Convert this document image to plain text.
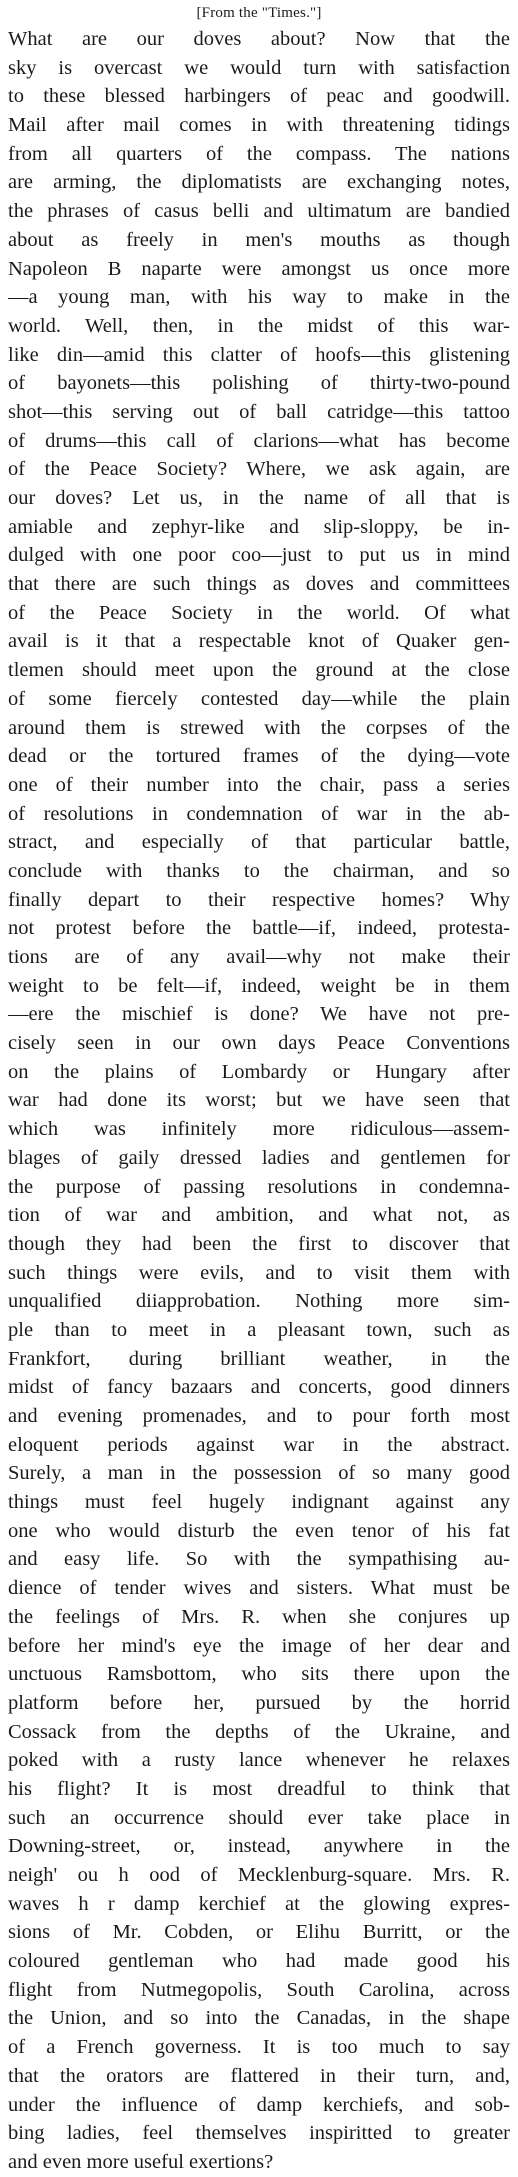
[From the "Times."]
What are our doves about? Now that the
sky is overcast we would turn with satisfaction
to these blessed harbingers of peac and goodwill.
Mail after mail comes in with threatening tidings
from all quarters of the compass. The nations
are arming, the diplomatists are exchanging notes,
the phrases of casus belli and ultimatum are bandied
about as freely in men's mouths as though
Napoleon B naparte were amongst us once more
—a young man, with his way to make in the
world. Well, then, in the midst of this war-
like din—amid this clatter of hoofs—this glistening
of bayonets—this polishing of thirty-two-pound
shot—this serving out of ball catridge—this tattoo
of drums—this call of clarions—what has become
of the Peace Society? Where, we ask again, are
our doves? Let us, in the name of all that is
amiable and zephyr-like and slip-sloppy, be in-
dulged with one poor coo—just to put us in mind
that there are such things as doves and committees
of the Peace Society in the world. Of what
avail is it that a respectable knot of Quaker gen-
tlemen should meet upon the ground at the close
of some fiercely contested day—while the plain
around them is strewed with the corpses of the
dead or the tortured frames of the dying—vote
one of their number into the chair, pass a series
of resolutions in condemnation of war in the ab-
stract, and especially of that particular battle,
conclude with thanks to the chairman, and so
finally depart to their respective homes? Why
not protest before the battle—if, indeed, protesta-
tions are of any avail—why not make their
weight to be felt—if, indeed, weight be in them
—ere the mischief is done? We have not pre-
cisely seen in our own days Peace Conventions
on the plains of Lombardy or Hungary after
war had done its worst; but we have seen that
which was infinitely more ridiculous—assem-
blages of gaily dressed ladies and gentlemen for
the purpose of passing resolutions in condemna-
tion of war and ambition, and what not, as
though they had been the first to discover that
such things were evils, and to visit them with
unqualified diiapprobation. Nothing more sim-
ple than to meet in a pleasant town, such as
Frankfort, during brilliant weather, in the
midst of fancy bazaars and concerts, good dinners
and evening promenades, and to pour forth most
eloquent periods against war in the abstract.
Surely, a man in the possession of so many good
things must feel hugely indignant against any
one who would disturb the even tenor of his fat
and easy life. So with the sympathising au-
dience of tender wives and sisters. What must be
the feelings of Mrs. R. when she conjures up
before her mind's eye the image of her dear and
unctuous Ramsbottom, who sits there upon the
platform before her, pursued by the horrid
Cossack from the depths of the Ukraine, and
poked with a rusty lance whenever he relaxes
his flight? It is most dreadful to think that
such an occurrence should ever take place in
Downing-street, or, instead, anywhere in the
neigh' ou h ood of Mecklenburg-square. Mrs. R.
waves h r damp kerchief at the glowing expres-
sions of Mr. Cobden, or Elihu Burritt, or the
coloured gentleman who had made good his
flight from Nutmegopolis, South Carolina, across
the Union, and so into the Canadas, in the shape
of a French governess. It is too much to say
that the orators are flattered in their turn, and,
under the influence of damp kerchiefs, and sob-
bing ladies, feel themselves inspiritted to greater
and even more useful exertions?
